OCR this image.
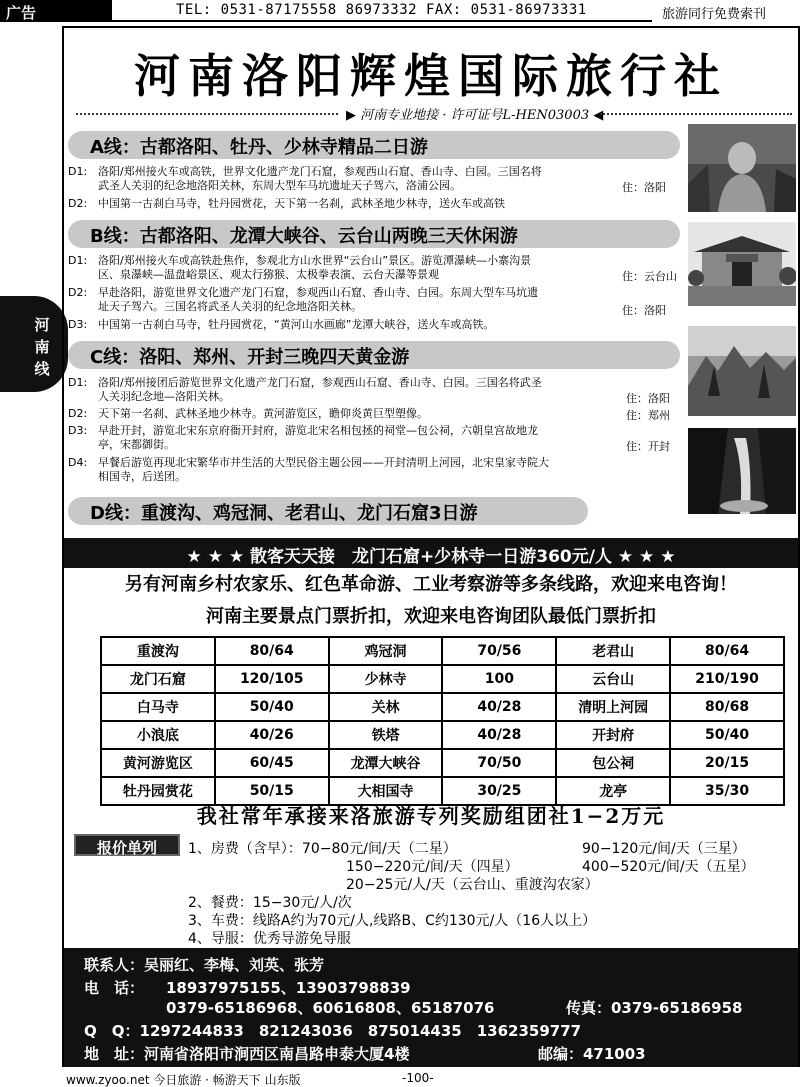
广告	TEL: 0531-87175558 86973332 FAX: 0531-86973331	旅游同行免费索刊
河
南
线
河南洛阳辉煌国际旅行社
▶ 河南专业地接 · 许可证号L-HEN03003 ◀
A线：古都洛阳、牡丹、少林寺精品二日游
D1: 洛阳/郑州接火车或高铁，世界文化遗产龙门石窟，参观西山石窟、香山寺、白园。三国名将
武圣人关羽的纪念地洛阳关林，东周大型车马坑遗址天子驾六，洛浦公园。	住：洛阳
D2: 中国第一古刹白马寺，牡丹园赏花，天下第一名刹，武林圣地少林寺，送火车或高铁
B线：古都洛阳、龙潭大峡谷、云台山两晚三天休闲游
D1: 洛阳/郑州接火车或高铁赴焦作，参观北方山水世界“云台山”景区。游览潭瀑峡—小寨沟景
区、泉瀑峡—温盘峪景区、观太行猕猴、太极拳表演、云台天瀑等景观	住：云台山
D2: 早赴洛阳，游览世界文化遗产龙门石窟，参观西山石窟、香山寺、白园。东周大型车马坑遗
址天子驾六。三国名将武圣人关羽的纪念地洛阳关林。	住：洛阳
D3: 中国第一古刹白马寺，牡丹园赏花，“黄河山水画廊”龙潭大峡谷，送火车或高铁。
C线：洛阳、郑州、开封三晚四天黄金游
D1: 洛阳/郑州接团后游览世界文化遗产龙门石窟，参观西山石窟、香山寺、白园。三国名将武圣
人关羽纪念地—洛阳关林。	住：洛阳
D2: 天下第一名刹、武林圣地少林寺。黄河游览区，瞻仰炎黄巨型塑像。	住：郑州
D3: 早赴开封，游览北宋东京府衙开封府，游览北宋名相包拯的祠堂—包公祠，六朝皇宫故地龙
亭，宋都御街。	住：开封
D4: 早餐后游览再现北宋繁华市井生活的大型民俗主题公园——开封清明上河园，北宋皇家寺院大
相国寺，后送团。
D线：重渡沟、鸡冠洞、老君山、龙门石窟3日游
★ ★ ★ 散客天天接　龙门石窟+少林寺一日游360元/人 ★ ★ ★
另有河南乡村农家乐、红色革命游、工业考察游等多条线路，欢迎来电咨询！
河南主要景点门票折扣，欢迎来电咨询团队最低门票折扣
重渡沟	80/64	鸡冠洞	70/56	老君山	80/64
龙门石窟	120/105	少林寺	100	云台山	210/190
白马寺	50/40	关林	40/28	清明上河园	80/68
小浪底	40/26	铁塔	40/28	开封府	50/40
黄河游览区	60/45	龙潭大峡谷	70/50	包公祠	20/15
牡丹园赏花	50/15	大相国寺	30/25	龙亭	35/30
我社常年承接来洛旅游专列奖励组团社1−2万元
报价单列	1、房费（含早）：70−80元/间/天（二星）	90−120元/间/天（三星）
150−220元/间/天（四星）	400−520元/间/天（五星）
20−25元/人/天（云台山、重渡沟农家）
2、餐费：15−30元/人/次
3、车费：线路A约为70元/人,线路B、C约130元/人（16人以上）
4、导服：优秀导游免导服
联系人：吴丽红、李梅、刘英、张芳
电　话： 18937975155、13903798839
0379-65186968、60616808、65187076	传真：0379-65186958
Q　Q：1297244833　821243036　875014435　1362359777
地　址：河南省洛阳市涧西区南昌路申泰大厦4楼	邮编：471003
www.zyoo.net 今日旅游 · 畅游天下 山东版	-100-
